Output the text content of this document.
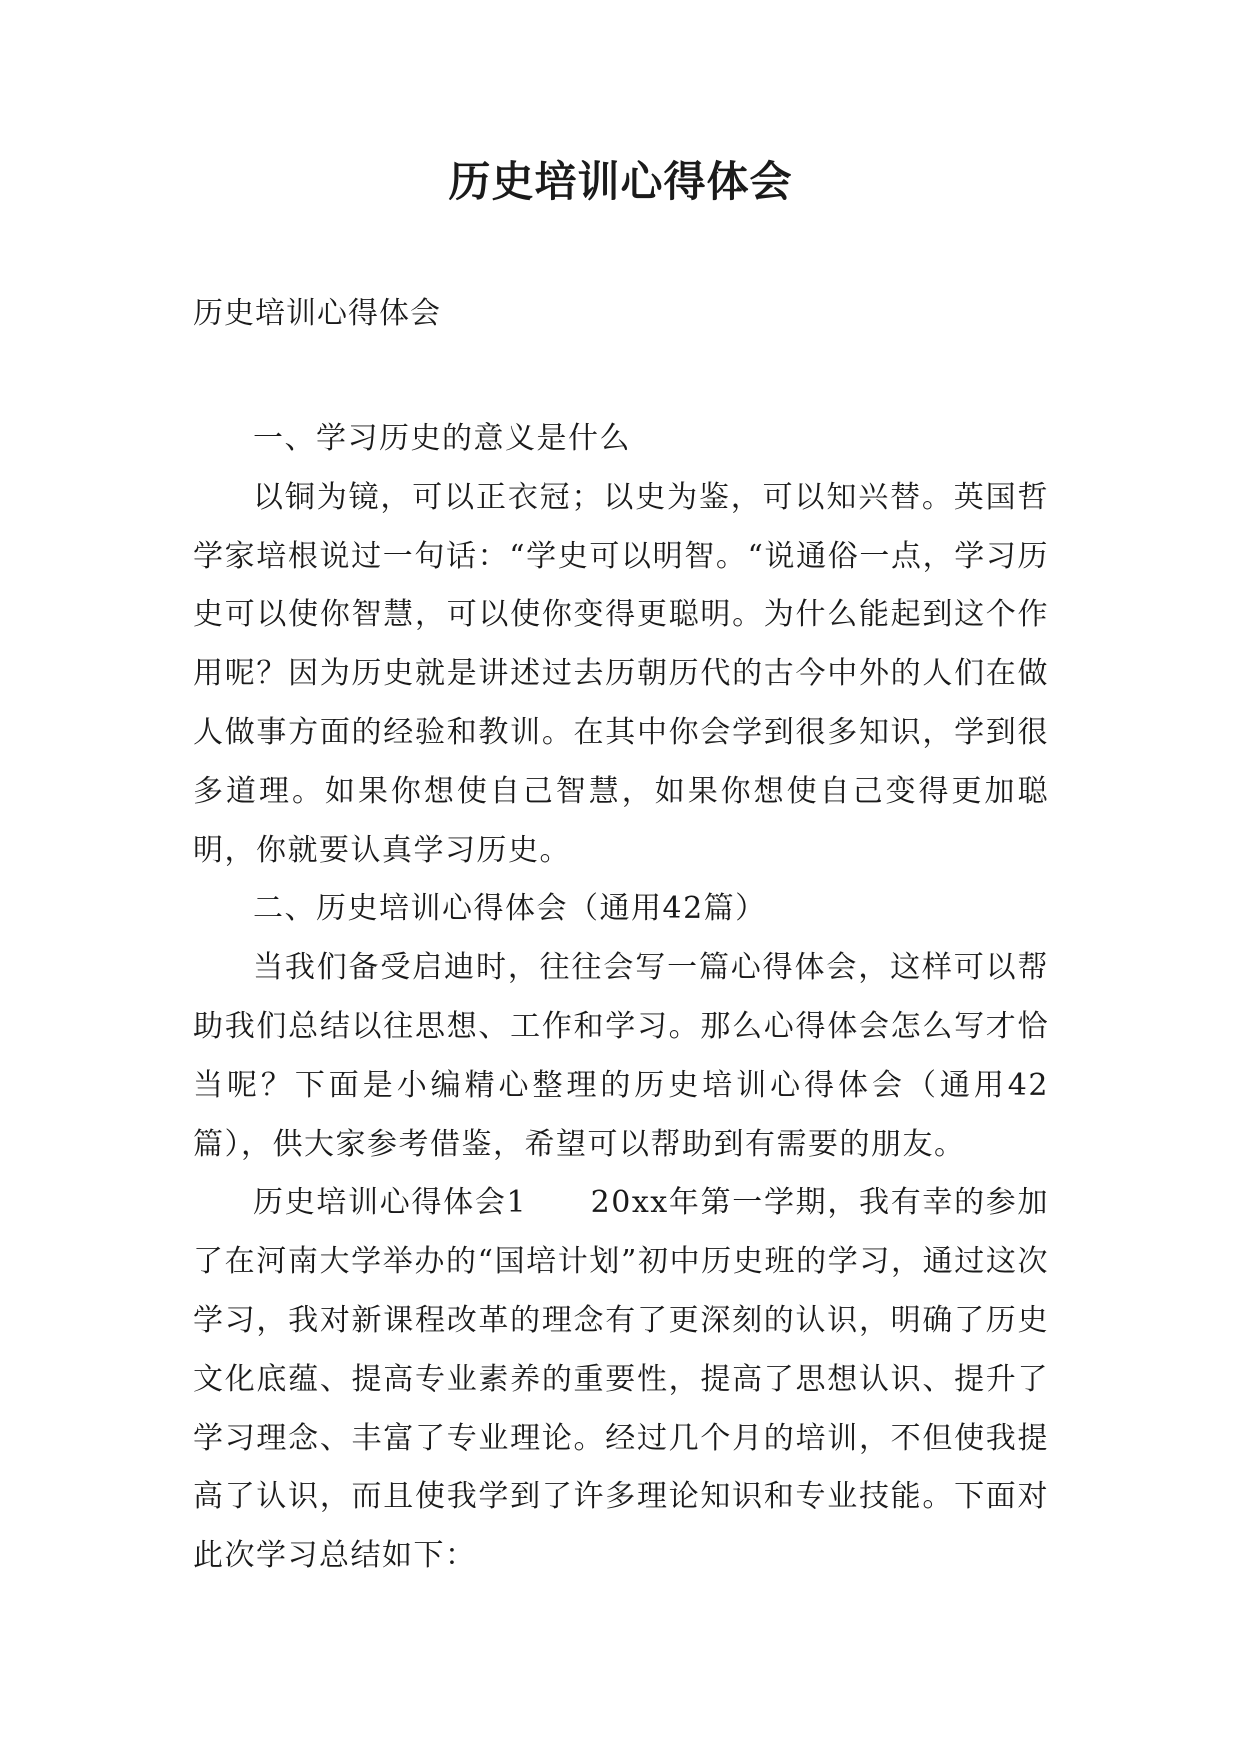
历史培训心得体会

历史培训心得体会

一、学习历史的意义是什么

以铜为镜，可以正衣冠；以史为鉴，可以知兴替。英国哲学家培根说过一句话：“学史可以明智。“说通俗一点，学习历史可以使你智慧，可以使你变得更聪明。为什么能起到这个作用呢？因为历史就是讲述过去历朝历代的古今中外的人们在做人做事方面的经验和教训。在其中你会学到很多知识，学到很多道理。如果你想使自己智慧，如果你想使自己变得更加聪明，你就要认真学习历史。

二、历史培训心得体会（通用42篇）

当我们备受启迪时，往往会写一篇心得体会，这样可以帮助我们总结以往思想、工作和学习。那么心得体会怎么写才恰当呢？下面是小编精心整理的历史培训心得体会（通用42篇），供大家参考借鉴，希望可以帮助到有需要的朋友。

历史培训心得体会1　　20xx年第一学期，我有幸的参加了在河南大学举办的“国培计划”初中历史班的学习，通过这次学习，我对新课程改革的理念有了更深刻的认识，明确了历史文化底蕴、提高专业素养的重要性，提高了思想认识、提升了学习理念、丰富了专业理论。经过几个月的培训，不但使我提高了认识，而且使我学到了许多理论知识和专业技能。下面对此次学习总结如下：
